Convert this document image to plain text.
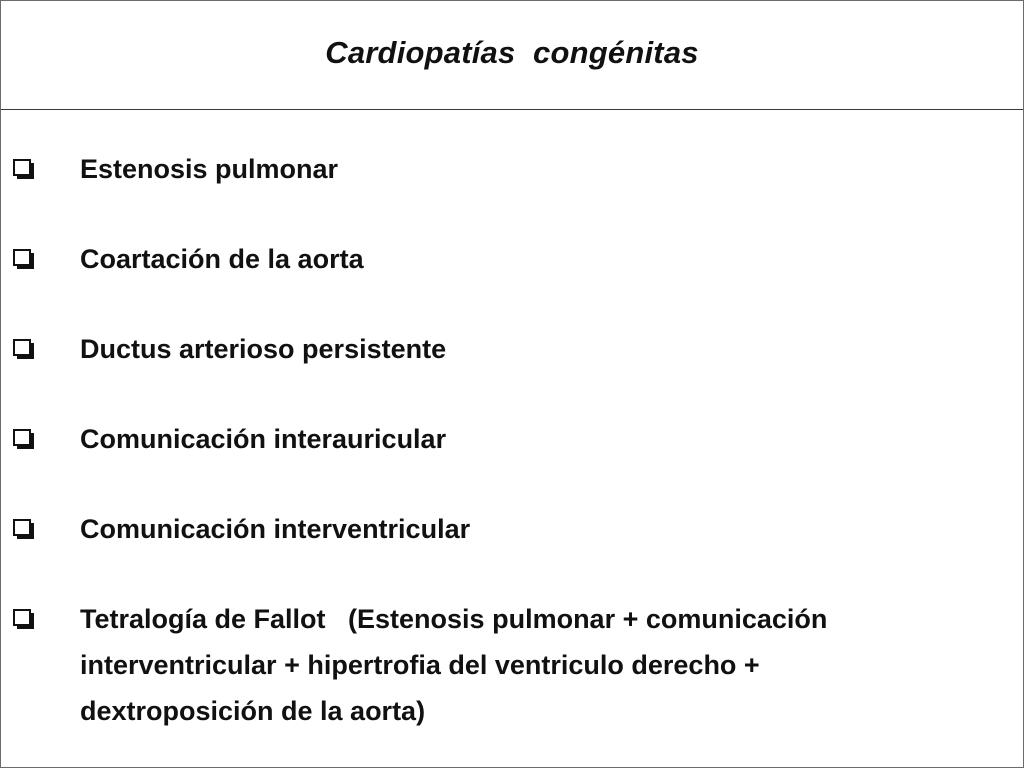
Cardiopatías  congénitas
Estenosis pulmonar
Coartación de la aorta
Ductus arterioso persistente
Comunicación interauricular
Comunicación interventricular
Tetralogía de Fallot   (Estenosis pulmonar + comunicación
interventricular + hipertrofia del ventriculo derecho +
dextroposición de la aorta)
